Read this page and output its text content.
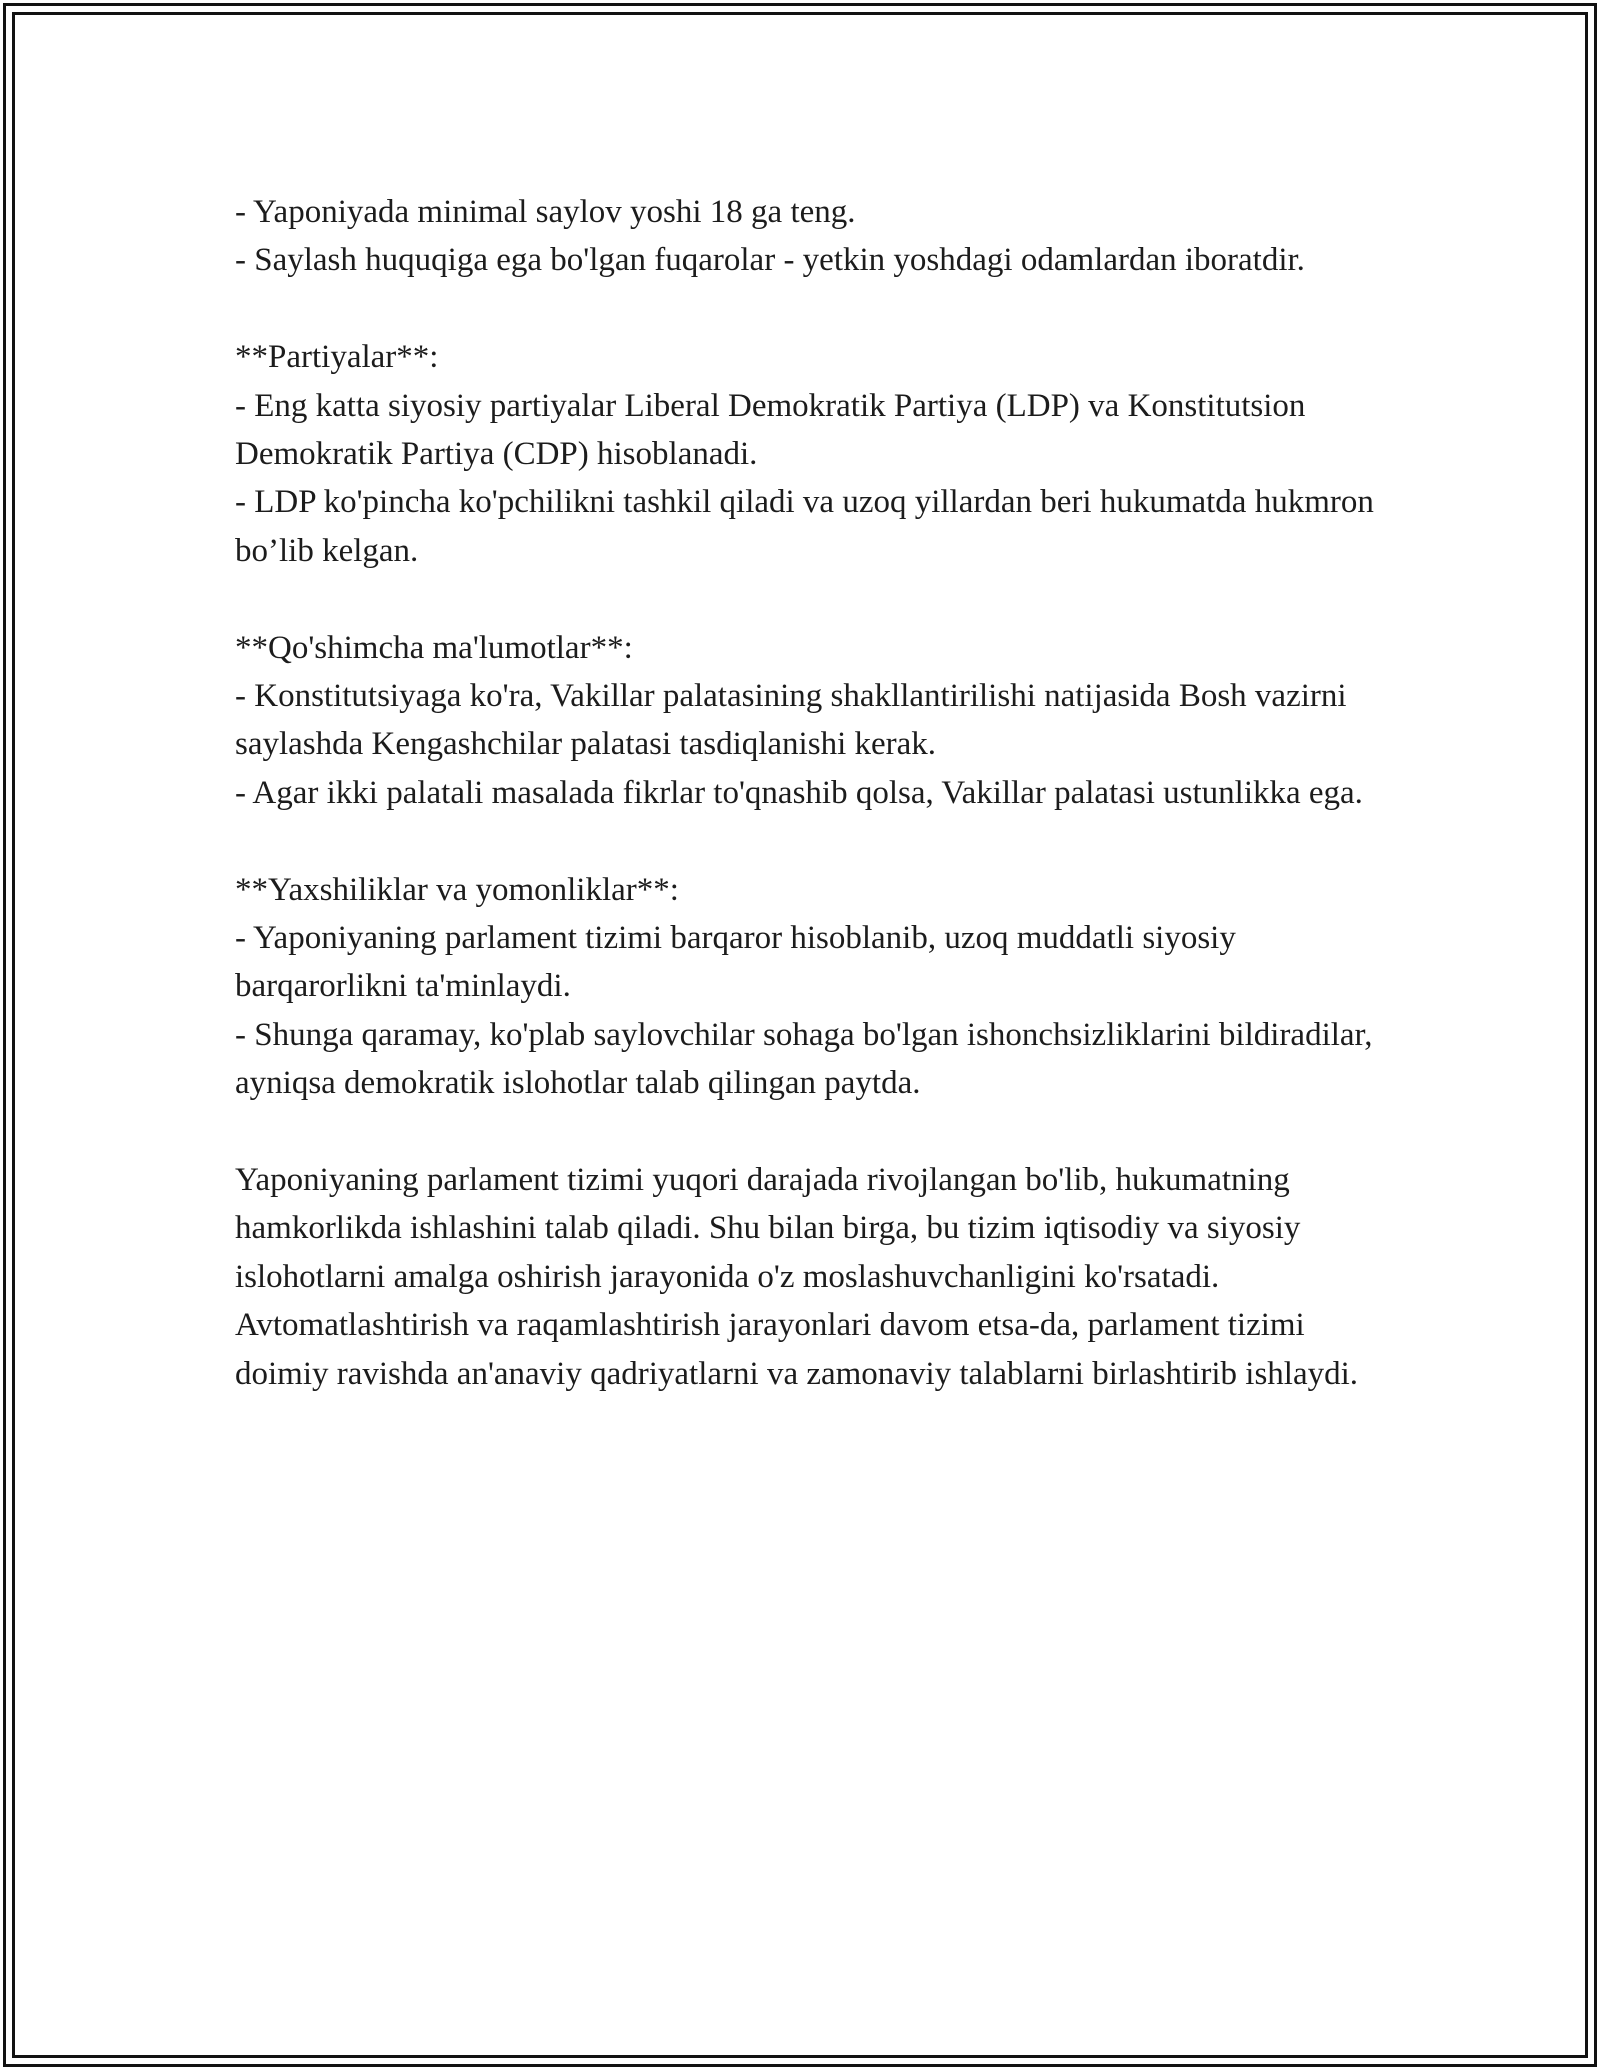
- Yaponiyada minimal saylov yoshi 18 ga teng.

- Saylash huquqiga ega bo'lgan fuqarolar - yetkin yoshdagi odamlardan iboratdir.

**Partiyalar**:

- Eng katta siyosiy partiyalar Liberal Demokratik Partiya (LDP) va Konstitutsion Demokratik Partiya (CDP) hisoblanadi.

- LDP ko'pincha ko'pchilikni tashkil qiladi va uzoq yillardan beri hukumatda hukmron bo’lib kelgan.

**Qo'shimcha ma'lumotlar**:

- Konstitutsiyaga ko'ra, Vakillar palatasining shakllantirilishi natijasida Bosh vazirni saylashda Kengashchilar palatasi tasdiqlanishi kerak.

- Agar ikki palatali masalada fikrlar to'qnashib qolsa, Vakillar palatasi ustunlikka ega.

**Yaxshiliklar va yomonliklar**:

- Yaponiyaning parlament tizimi barqaror hisoblanib, uzoq muddatli siyosiy barqarorlikni ta'minlaydi.

- Shunga qaramay, ko'plab saylovchilar sohaga bo'lgan ishonchsizliklarini bildiradilar, ayniqsa demokratik islohotlar talab qilingan paytda.

Yaponiyaning parlament tizimi yuqori darajada rivojlangan bo'lib, hukumatning hamkorlikda ishlashini talab qiladi. Shu bilan birga, bu tizim iqtisodiy va siyosiy islohotlarni amalga oshirish jarayonida o'z moslashuvchanligini ko'rsatadi. Avtomatlashtirish va raqamlashtirish jarayonlari davom etsa-da, parlament tizimi doimiy ravishda an'anaviy qadriyatlarni va zamonaviy talablarni birlashtirib ishlaydi.
